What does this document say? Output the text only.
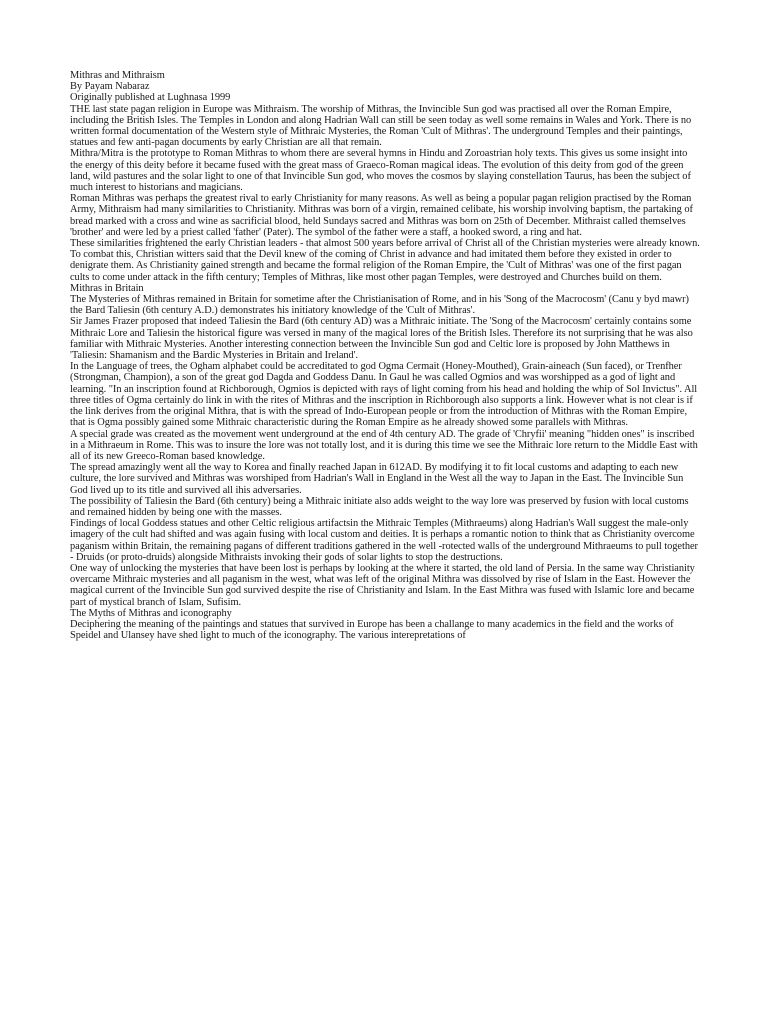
Mithras and Mithraism

By Payam Nabaraz

Originally published at Lughnasa 1999

THE last state pagan religion in Europe was Mithraism. The worship of Mithras, the Invincible Sun god was practised all over the Roman Empire, including the British Isles. The Temples in London and along Hadrian Wall can still be seen today as well some remains in Wales and York. There is no written formal documentation of the Western style of Mithraic Mysteries, the Roman 'Cult of Mithras'. The underground Temples and their paintings, statues and few anti-pagan documents by early Christian are all that remain.

Mithra/Mitra is the prototype to Roman Mithras to whom there are several hymns in Hindu and Zoroastrian holy texts. This gives us some insight into the energy of this deity before it became fused with the great mass of Graeco-Roman magical ideas. The evolution of this deity from god of the green land, wild pastures and the solar light to one of that Invincible Sun god, who moves the cosmos by slaying constellation Taurus, has been the subject of much interest to historians and magicians.

Roman Mithras was perhaps the greatest rival to early Christianity for many reasons. As well as being a popular pagan religion practised by the Roman Army, Mithraism had many similarities to Christianity. Mithras was born of a virgin, remained celibate, his worship involving baptism, the partaking of bread marked with a cross and wine as sacrificial blood, held Sundays sacred and Mithras was born on 25th of December. Mithraist called themselves 'brother' and were led by a priest called 'father' (Pater). The symbol of the father were a staff, a hooked sword, a ring and hat.

These similarities frightened the early Christian leaders - that almost 500 years before arrival of Christ all of the Christian mysteries were already known. To combat this, Christian witters said that the Devil knew of the coming of Christ in advance and had imitated them before they existed in order to denigrate them. As Christianity gained strength and became the formal religion of the Roman Empire, the 'Cult of Mithras' was one of the first pagan cults to come under attack in the fifth century; Temples of Mithras, like most other pagan Temples, were destroyed and Churches build on them.

Mithras in Britain

The Mysteries of Mithras remained in Britain for sometime after the Christianisation of Rome, and in his 'Song of the Macrocosm' (Canu y byd mawr) the Bard Taliesin (6th century A.D.) demonstrates his initiatory knowledge of the 'Cult of Mithras'.

Sir James Frazer proposed that indeed Taliesin the Bard (6th century AD) was a Mithraic initiate. The 'Song of the Macrocosm' certainly contains some Mithraic Lore and Taliesin the historical figure was versed in many of the magical lores of the British Isles. Therefore its not surprising that he was also familiar with Mithraic Mysteries. Another interesting connection between the Invincible Sun god and Celtic lore is proposed by John Matthews in 'Taliesin: Shamanism and the Bardic Mysteries in Britain and Ireland'.

In the Language of trees, the Ogham alphabet could be accreditated to god Ogma Cermait (Honey-Mouthed), Grain-aineach (Sun faced), or Trenfher (Strongman, Champion), a son of the great god Dagda and Goddess Danu. In Gaul he was called Ogmios and was worshipped as a god of light and learning. "In an inscription found at Richborough, Ogmios is depicted with rays of light coming from his head and holding the whip of Sol Invictus". All three titles of Ogma certainly do link in with the rites of Mithras and the inscription in Richborough also supports a link. However what is not clear is if the link derives from the original Mithra, that is with the spread of Indo-European people or from the introduction of Mithras with the Roman Empire, that is Ogma possibly gained some Mithraic characteristic during the Roman Empire as he already showed some parallels with Mithras.

A special grade was created as the movement went underground at the end of 4th century AD. The grade of 'Chryfii' meaning "hidden ones" is inscribed in a Mithraeum in Rome. This was to insure the lore was not totally lost, and it is during this time we see the Mithraic lore return to the Middle East with all of its new Greeco-Roman based knowledge.

The spread amazingly went all the way to Korea and finally reached Japan in 612AD. By modifying it to fit local customs and adapting to each new culture, the lore survived and Mithras was worshiped from Hadrian's Wall in England in the West all the way to Japan in the East. The Invincible Sun God lived up to its title and survived all ihis adversaries.

The possibility of Taliesin the Bard (6th century) being a Mithraic initiate also adds weight to the way lore was preserved by fusion with local customs and remained hidden by being one with the masses.

Findings of local Goddess statues and other Celtic religious artifactsin the Mithraic Temples (Mithraeums) along Hadrian's Wall suggest the male-only imagery of the cult had shifted and was again fusing with local custom and deities. It is perhaps a romantic notion to think that as Christianity overcome paganism within Britain, the remaining pagans of different traditions gathered in the well -rotected walls of the underground Mithraeums to pull together - Druids (or proto-druids) alongside Mithraists invoking their gods of solar lights to stop the destructions.

One way of unlocking the mysteries that have been lost is perhaps by looking at the where it started, the old land of Persia. In the same way Christianity overcame Mithraic mysteries and all paganism in the west, what was left of the original Mithra was dissolved by rise of Islam in the East. However the magical current of the Invincible Sun god survived despite the rise of Christianity and Islam. In the East Mithra was fused with Islamic lore and became part of mystical branch of Islam, Sufisim.

The Myths of Mithras and iconography

Deciphering the meaning of the paintings and statues that survived in Europe has been a challange to many academics in the field and the works of Speidel and Ulansey have shed light to much of the iconography. The various interepretations of
